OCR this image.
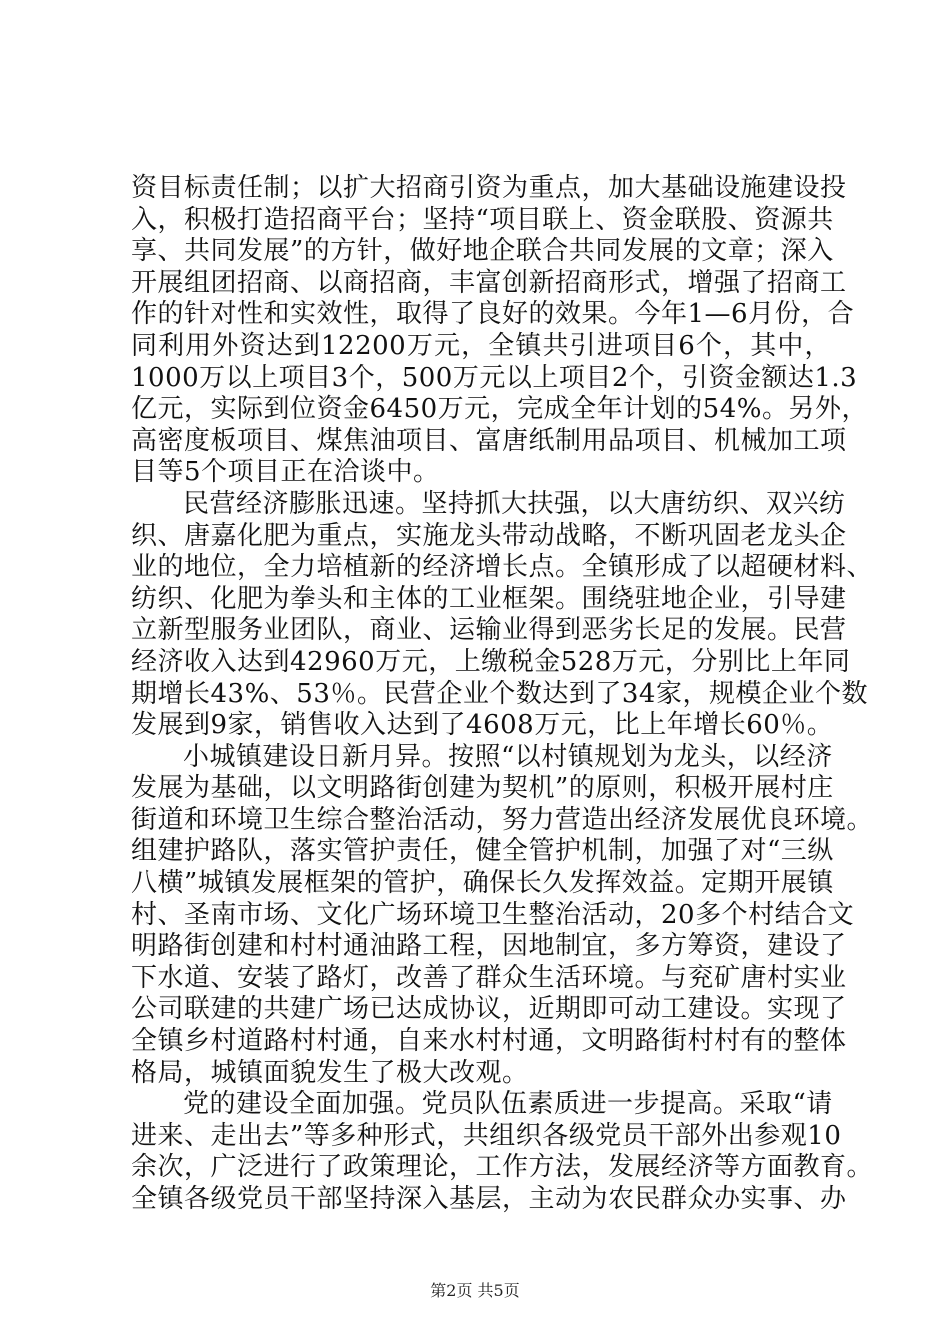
资目标责任制；以扩大招商引资为重点，加大基础设施建设投
入，积极打造招商平台；坚持“项目联上、资金联股、资源共
享、共同发展”的方针，做好地企联合共同发展的文章；深入
开展组团招商、以商招商，丰富创新招商形式，增强了招商工
作的针对性和实效性，取得了良好的效果。今年1—6月份，合
同利用外资达到12200万元，全镇共引进项目6个，其中，
1000万以上项目3个，500万元以上项目2个，引资金额达1.3
亿元，实际到位资金6450万元，完成全年计划的54%。另外，
高密度板项目、煤焦油项目、富唐纸制用品项目、机械加工项
目等5个项目正在洽谈中。
民营经济膨胀迅速。坚持抓大扶强，以大唐纺织、双兴纺
织、唐嘉化肥为重点，实施龙头带动战略，不断巩固老龙头企
业的地位，全力培植新的经济增长点。全镇形成了以超硬材料、
纺织、化肥为拳头和主体的工业框架。围绕驻地企业，引导建
立新型服务业团队，商业、运输业得到恶劣长足的发展。民营
经济收入达到42960万元，上缴税金528万元，分别比上年同
期增长43%、53％。民营企业个数达到了34家，规模企业个数
发展到9家，销售收入达到了4608万元，比上年增长60％。
小城镇建设日新月异。按照“以村镇规划为龙头，以经济
发展为基础，以文明路街创建为契机”的原则，积极开展村庄
街道和环境卫生综合整治活动，努力营造出经济发展优良环境。
组建护路队，落实管护责任，健全管护机制，加强了对“三纵
八横”城镇发展框架的管护，确保长久发挥效益。定期开展镇
村、圣南市场、文化广场环境卫生整治活动，20多个村结合文
明路街创建和村村通油路工程，因地制宜，多方筹资，建设了
下水道、安装了路灯，改善了群众生活环境。与兖矿唐村实业
公司联建的共建广场已达成协议，近期即可动工建设。实现了
全镇乡村道路村村通，自来水村村通，文明路街村村有的整体
格局，城镇面貌发生了极大改观。
党的建设全面加强。党员队伍素质进一步提高。采取“请
进来、走出去”等多种形式，共组织各级党员干部外出参观10
余次，广泛进行了政策理论，工作方法，发展经济等方面教育。
全镇各级党员干部坚持深入基层，主动为农民群众办实事、办
第2页 共5页
